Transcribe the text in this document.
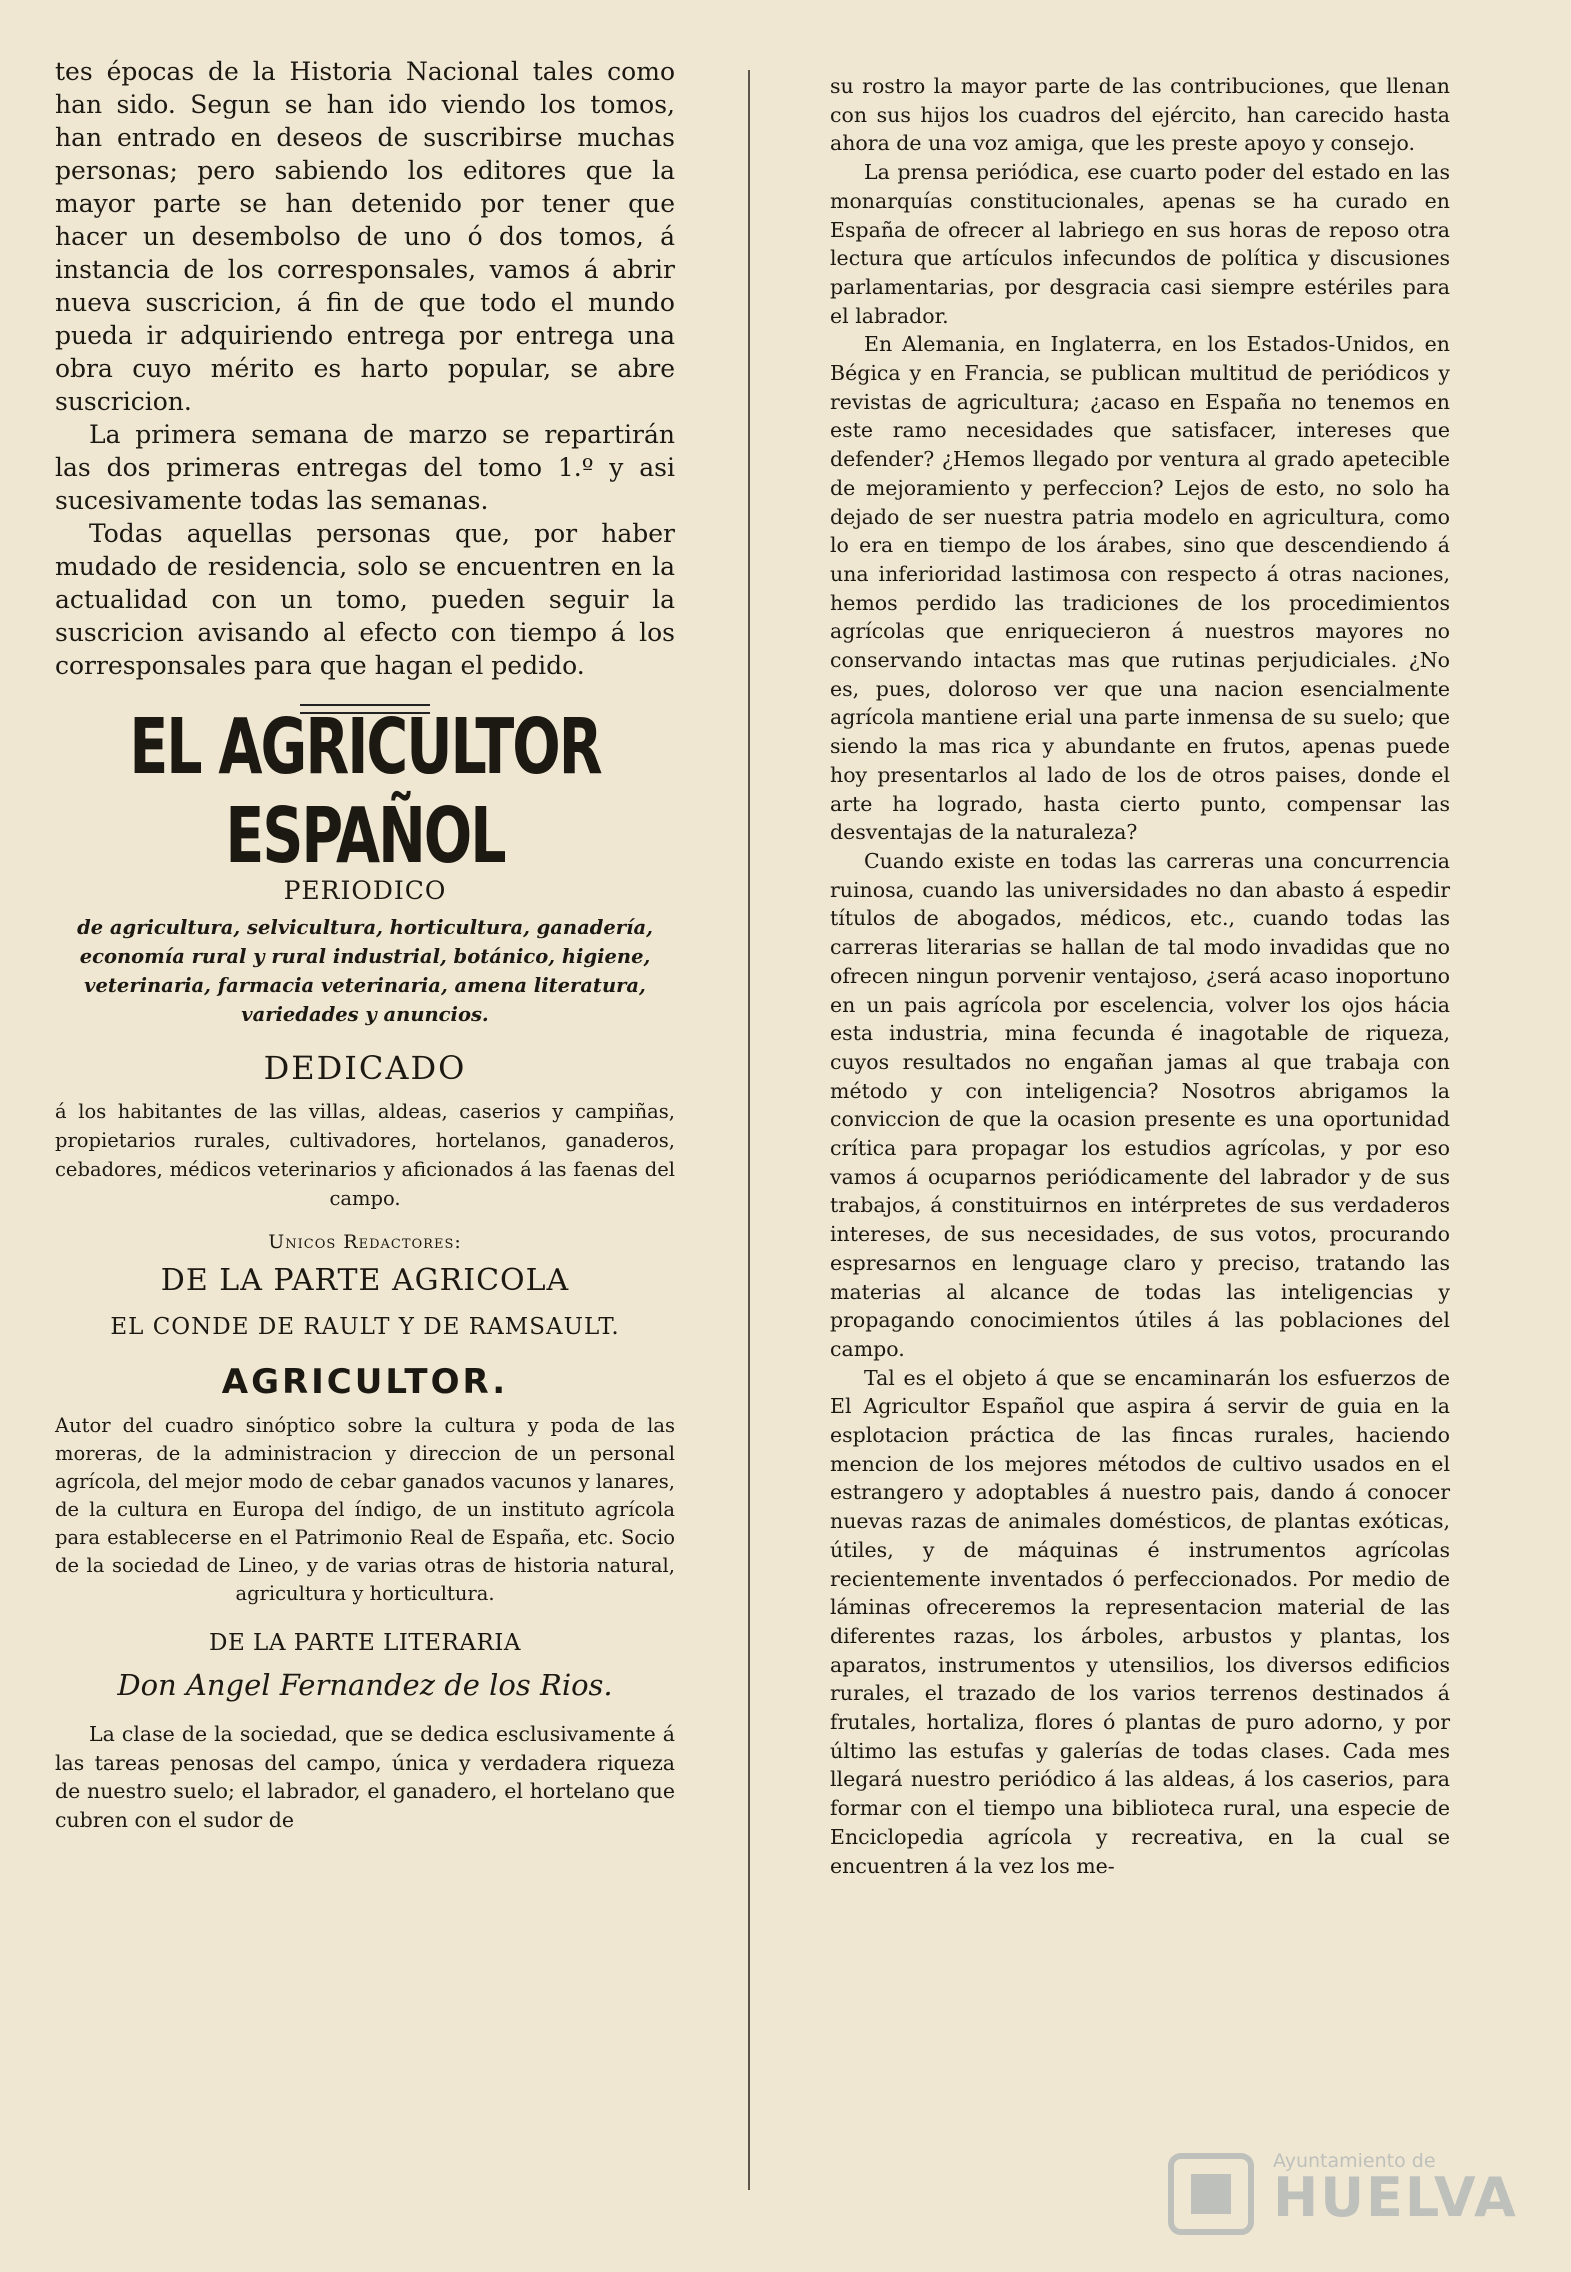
tes épocas de la Historia Nacional tales como han sido. Segun se han ido viendo los tomos, han entrado en deseos de suscribirse muchas personas; pero sabiendo los editores que la mayor parte se han detenido por tener que hacer un desembolso de uno ó dos tomos, á instancia de los corresponsales, vamos á abrir nueva suscricion, á fin de que todo el mundo pueda ir adquiriendo entrega por entrega una obra cuyo mérito es harto popular, se abre suscricion.

La primera semana de marzo se repartirán las dos primeras entregas del tomo 1.º y asi sucesivamente todas las semanas.

Todas aquellas personas que, por haber mudado de residencia, solo se encuentren en la actualidad con un tomo, pueden seguir la suscricion avisando al efecto con tiempo á los corresponsales para que hagan el pedido.

EL AGRICULTOR ESPAÑOL
PERIODICO

de agricultura, selvicultura, horticultura, ganadería, economía rural y rural industrial, botánico, higiene, veterinaria, farmacia veterinaria, amena literatura, variedades y anuncios.

DEDICADO

á los habitantes de las villas, aldeas, caserios y campiñas, propietarios rurales, cultivadores, hortelanos, ganaderos, cebadores, médicos veterinarios y aficionados á las faenas del campo.

Unicos Redactores:
DE LA PARTE AGRICOLA
EL CONDE DE RAULT Y DE RAMSAULT.
AGRICULTOR.

Autor del cuadro sinóptico sobre la cultura y poda de las moreras, de la administracion y direccion de un personal agrícola, del mejor modo de cebar ganados vacunos y lanares, de la cultura en Europa del índigo, de un instituto agrícola para establecerse en el Patrimonio Real de España, etc. Socio de la sociedad de Lineo, y de varias otras de historia natural, agricultura y horticultura.

DE LA PARTE LITERARIA
Don Angel Fernandez de los Rios.

La clase de la sociedad, que se dedica esclusivamente á las tareas penosas del campo, única y verdadera riqueza de nuestro suelo; el labrador, el ganadero, el hortelano que cubren con el sudor de

su rostro la mayor parte de las contribuciones, que llenan con sus hijos los cuadros del ejército, han carecido hasta ahora de una voz amiga, que les preste apoyo y consejo.

La prensa periódica, ese cuarto poder del estado en las monarquías constitucionales, apenas se ha curado en España de ofrecer al labriego en sus horas de reposo otra lectura que artículos infecundos de política y discusiones parlamentarias, por desgracia casi siempre estériles para el labrador.

En Alemania, en Inglaterra, en los Estados-Unidos, en Bégica y en Francia, se publican multitud de periódicos y revistas de agricultura; ¿acaso en España no tenemos en este ramo necesidades que satisfacer, intereses que defender? ¿Hemos llegado por ventura al grado apetecible de mejoramiento y perfeccion? Lejos de esto, no solo ha dejado de ser nuestra patria modelo en agricultura, como lo era en tiempo de los árabes, sino que descendiendo á una inferioridad lastimosa con respecto á otras naciones, hemos perdido las tradiciones de los procedimientos agrícolas que enriquecieron á nuestros mayores no conservando intactas mas que rutinas perjudiciales. ¿No es, pues, doloroso ver que una nacion esencialmente agrícola mantiene erial una parte inmensa de su suelo; que siendo la mas rica y abundante en frutos, apenas puede hoy presentarlos al lado de los de otros paises, donde el arte ha logrado, hasta cierto punto, compensar las desventajas de la naturaleza?

Cuando existe en todas las carreras una concurrencia ruinosa, cuando las universidades no dan abasto á espedir títulos de abogados, médicos, etc., cuando todas las carreras literarias se hallan de tal modo invadidas que no ofrecen ningun porvenir ventajoso, ¿será acaso inoportuno en un pais agrícola por escelencia, volver los ojos hácia esta industria, mina fecunda é inagotable de riqueza, cuyos resultados no engañan jamas al que trabaja con método y con inteligencia? Nosotros abrigamos la conviccion de que la ocasion presente es una oportunidad crítica para propagar los estudios agrícolas, y por eso vamos á ocuparnos periódicamente del labrador y de sus trabajos, á constituirnos en intérpretes de sus verdaderos intereses, de sus necesidades, de sus votos, procurando espresarnos en lenguage claro y preciso, tratando las materias al alcance de todas las inteligencias y propagando conocimientos útiles á las poblaciones del campo.

Tal es el objeto á que se encaminarán los esfuerzos de El Agricultor Español que aspira á servir de guia en la esplotacion práctica de las fincas rurales, haciendo mencion de los mejores métodos de cultivo usados en el estrangero y adoptables á nuestro pais, dando á conocer nuevas razas de animales domésticos, de plantas exóticas, útiles, y de máquinas é instrumentos agrícolas recientemente inventados ó perfeccionados. Por medio de láminas ofreceremos la representacion material de las diferentes razas, los árboles, arbustos y plantas, los aparatos, instrumentos y utensilios, los diversos edificios rurales, el trazado de los varios terrenos destinados á frutales, hortaliza, flores ó plantas de puro adorno, y por último las estufas y galerías de todas clases. Cada mes llegará nuestro periódico á las aldeas, á los caserios, para formar con el tiempo una biblioteca rural, una especie de Enciclopedia agrícola y recreativa, en la cual se encuentren á la vez los me-

Ayuntamiento de
HUELVA
